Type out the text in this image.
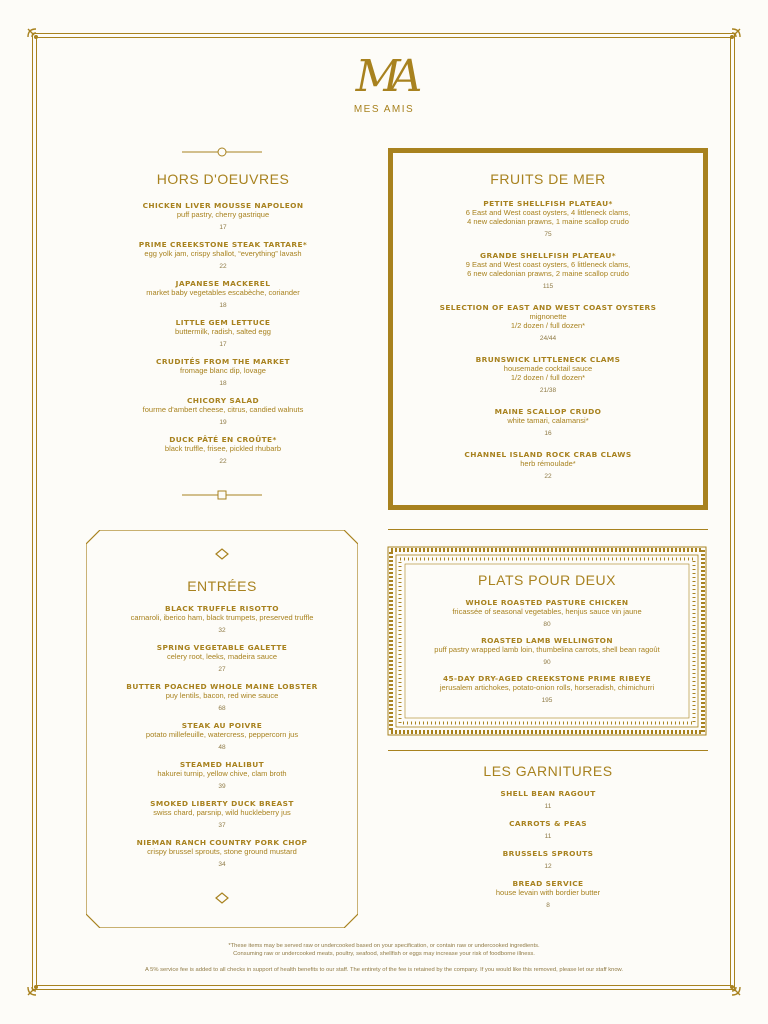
MA
MES AMIS
HORS D'OEUVRES
CHICKEN LIVER MOUSSE NAPOLEON
puff pastry, cherry gastrique
17
PRIME CREEKSTONE STEAK TARTARE*
egg yolk jam, crispy shallot, “everything” lavash
22
JAPANESE MACKEREL
market baby vegetables escabèche, coriander
18
LITTLE GEM LETTUCE
buttermilk, radish, salted egg
17
CRUDITÉS FROM THE MARKET
fromage blanc dip, lovage
18
CHICORY SALAD
fourme d'ambert cheese, citrus, candied walnuts
19
DUCK PÂTÉ EN CROÛTE*
black truffle, frisee, pickled rhubarb
22
FRUITS DE MER
PETITE SHELLFISH PLATEAU*
6 East and West coast oysters, 4 littleneck clams,
4 new caledonian prawns, 1 maine scallop crudo
75
GRANDE SHELLFISH PLATEAU*
9 East and West coast oysters, 6 littleneck clams,
6 new caledonian prawns, 2 maine scallop crudo
115
SELECTION OF EAST AND WEST COAST OYSTERS
mignonette
1/2 dozen / full dozen*
24/44
BRUNSWICK LITTLENECK CLAMS
housemade cocktail sauce
1/2 dozen / full dozen*
21/38
MAINE SCALLOP CRUDO
white tamari, calamansi*
16
CHANNEL ISLAND ROCK CRAB CLAWS
herb rémoulade*
22
ENTRÉES
BLACK TRUFFLE RISOTTO
carnaroli, iberico ham, black trumpets, preserved truffle
32
SPRING VEGETABLE GALETTE
celery root, leeks, madeira sauce
27
BUTTER POACHED WHOLE MAINE LOBSTER
puy lentils, bacon, red wine sauce
68
STEAK AU POIVRE
potato millefeuille, watercress, peppercorn jus
48
STEAMED HALIBUT
hakurei turnip, yellow chive, clam broth
39
SMOKED LIBERTY DUCK BREAST
swiss chard, parsnip, wild huckleberry jus
37
NIEMAN RANCH COUNTRY PORK CHOP
crispy brussel sprouts, stone ground mustard
34
PLATS POUR DEUX
WHOLE ROASTED PASTURE CHICKEN
fricassée of seasonal vegetables, henjus sauce vin jaune
80
ROASTED LAMB WELLINGTON
puff pastry wrapped lamb loin, thumbelina carrots, shell bean ragoût
90
45-DAY DRY-AGED CREEKSTONE PRIME RIBEYE
jerusalem artichokes, potato-onion rolls, horseradish, chimichurri
195
LES GARNITURES
SHELL BEAN RAGOUT
11
CARROTS & PEAS
11
BRUSSELS SPROUTS
12
BREAD SERVICE
house levain with bordier butter
8
*These items may be served raw or undercooked based on your specification, or contain raw or undercooked ingredients.
Consuming raw or undercooked meats, poultry, seafood, shellfish or eggs may increase your risk of foodborne illness.
A 5% service fee is added to all checks in support of health benefits to our staff. The entirety of the fee is retained by the company. If you would like this removed, please let our staff know.
